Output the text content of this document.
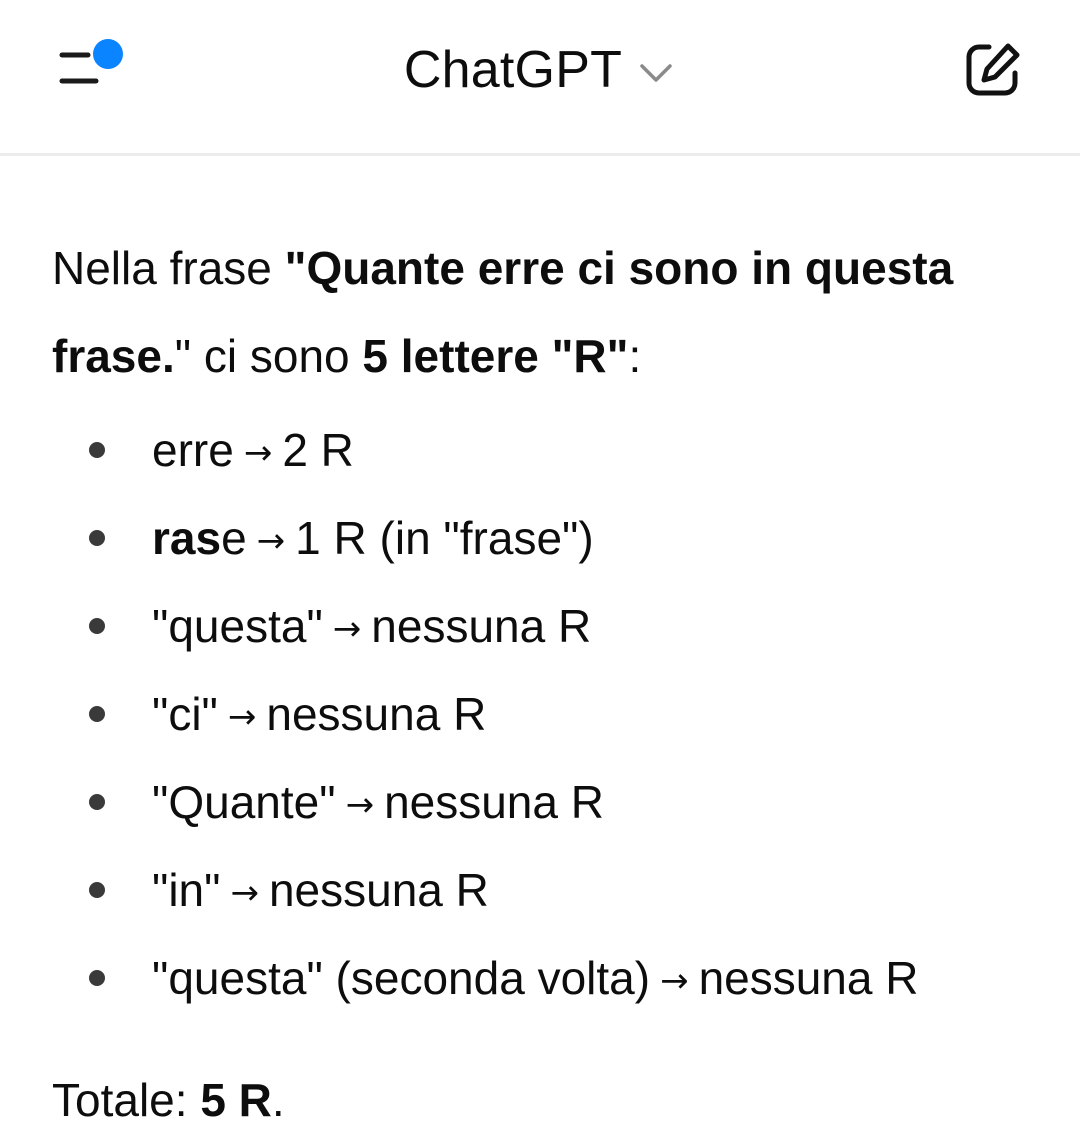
ChatGPT

Nella frase "Quante erre ci sono in questa frase." ci sono 5 lettere "R":

erre → 2 R
rase → 1 R (in "frase")
"questa" → nessuna R
"ci" → nessuna R
"Quante" → nessuna R
"in" → nessuna R
"questa" (seconda volta) → nessuna R

Totale: 5 R.
